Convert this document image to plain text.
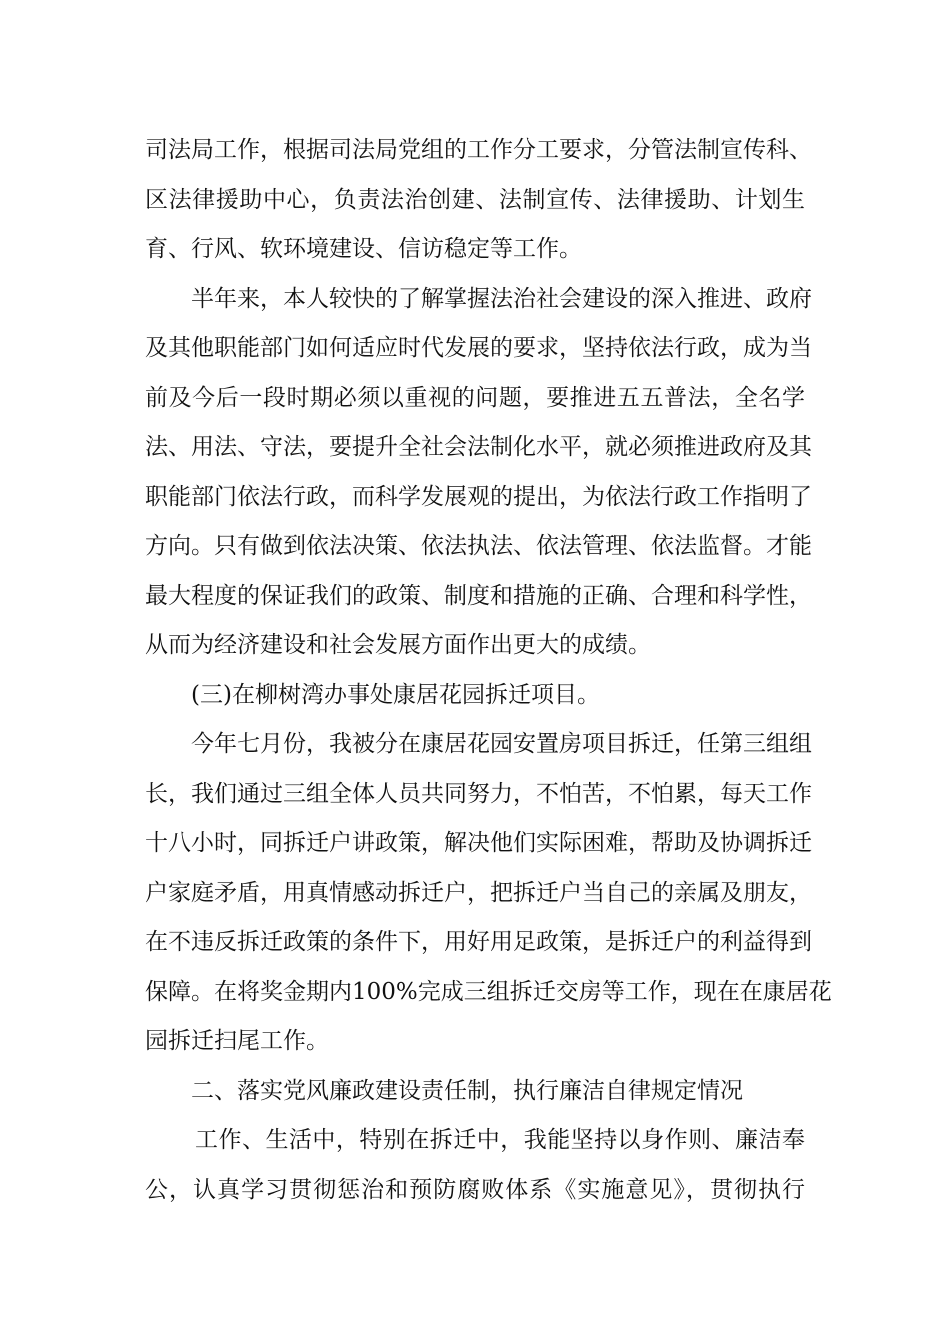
司法局工作，根据司法局党组的工作分工要求，分管法制宣传科、
区法律援助中心，负责法治创建、法制宣传、法律援助、计划生
育、行风、软环境建设、信访稳定等工作。
半年来，本人较快的了解掌握法治社会建设的深入推进、政府
及其他职能部门如何适应时代发展的要求，坚持依法行政，成为当
前及今后一段时期必须以重视的问题，要推进五五普法，全名学
法、用法、守法，要提升全社会法制化水平，就必须推进政府及其
职能部门依法行政，而科学发展观的提出，为依法行政工作指明了
方向。只有做到依法决策、依法执法、依法管理、依法监督。才能
最大程度的保证我们的政策、制度和措施的正确、合理和科学性，
从而为经济建设和社会发展方面作出更大的成绩。
(三)在柳树湾办事处康居花园拆迁项目。
今年七月份，我被分在康居花园安置房项目拆迁，任第三组组
长，我们通过三组全体人员共同努力，不怕苦，不怕累，每天工作
十八小时，同拆迁户讲政策，解决他们实际困难，帮助及协调拆迁
户家庭矛盾，用真情感动拆迁户，把拆迁户当自己的亲属及朋友，
在不违反拆迁政策的条件下，用好用足政策，是拆迁户的利益得到
保障。在将奖金期内100%完成三组拆迁交房等工作，现在在康居花
园拆迁扫尾工作。
二、落实党风廉政建设责任制，执行廉洁自律规定情况
工作、生活中，特别在拆迁中，我能坚持以身作则、廉洁奉
公，认真学习贯彻惩治和预防腐败体系《实施意见》，贯彻执行
